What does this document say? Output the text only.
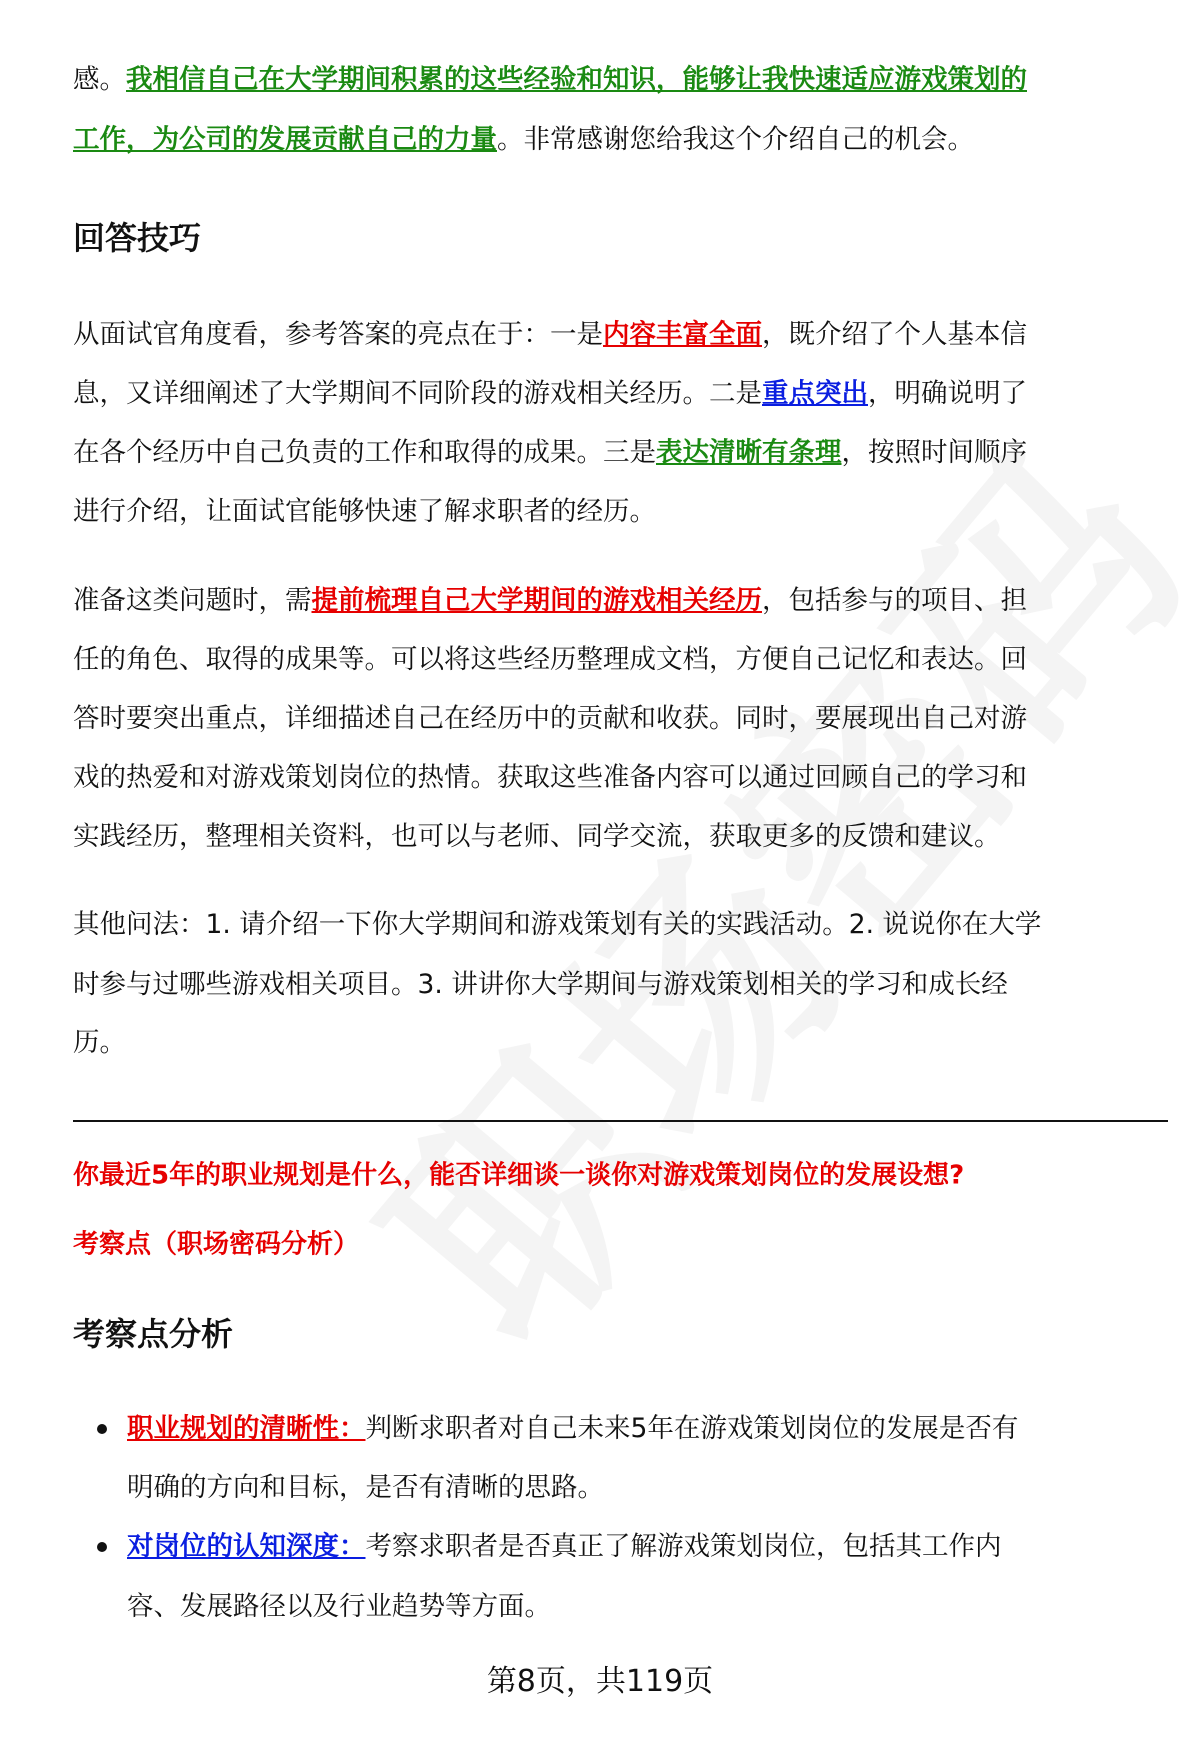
感。我相信自己在大学期间积累的这些经验和知识，能够让我快速适应游戏策划的
工作，为公司的发展贡献自己的力量。非常感谢您给我这个介绍自己的机会。
从面试官角度看，参考答案的亮点在于：一是内容丰富全面，既介绍了个人基本信
息，又详细阐述了大学期间不同阶段的游戏相关经历。二是重点突出，明确说明了
在各个经历中自己负责的工作和取得的成果。三是表达清晰有条理，按照时间顺序
进行介绍，让面试官能够快速了解求职者的经历。
准备这类问题时，需提前梳理自己大学期间的游戏相关经历，包括参与的项目、担
任的角色、取得的成果等。可以将这些经历整理成文档，方便自己记忆和表达。回
答时要突出重点，详细描述自己在经历中的贡献和收获。同时，要展现出自己对游
戏的热爱和对游戏策划岗位的热情。获取这些准备内容可以通过回顾自己的学习和
实践经历，整理相关资料，也可以与老师、同学交流，获取更多的反馈和建议。
其他问法：1. 请介绍一下你大学期间和游戏策划有关的实践活动。2. 说说你在大学
时参与过哪些游戏相关项目。3. 讲讲你大学期间与游戏策划相关的学习和成长经
历。
职业规划的清晰性：判断求职者对自己未来5年在游戏策划岗位的发展是否有
明确的方向和目标，是否有清晰的思路。
对岗位的认知深度：考察求职者是否真正了解游戏策划岗位，包括其工作内
容、发展路径以及行业趋势等方面。
回答技巧
你最近5年的职业规划是什么，能否详细谈一谈你对游戏策划岗位的发展设想?
考察点（职场密码分析）
考察点分析
第8页，共119页
